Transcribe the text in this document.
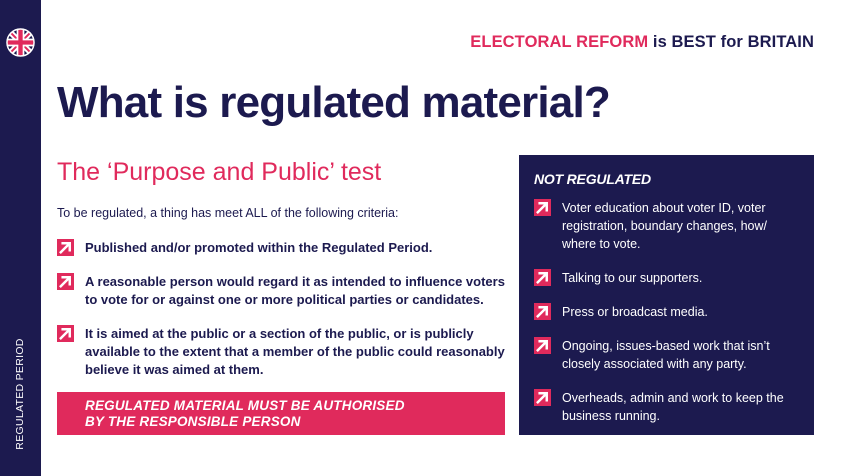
REGULATED PERIOD
ELECTORAL REFORM is BEST for BRITAIN
What is regulated material?
The ‘Purpose and Public’ test
To be regulated, a thing has meet ALL of the following criteria:
Published and/or promoted within the Regulated Period.
A reasonable person would regard it as intended to influence voters to vote for or against one or more political parties or candidates.
It is aimed at the public or a section of the public, or is publicly available to the extent that a member of the public could reasonably believe it was aimed at them.
REGULATED MATERIAL MUST BE AUTHORISED
BY THE RESPONSIBLE PERSON
NOT REGULATED
Voter education about voter ID, voter registration, boundary changes, how/ where to vote.
Talking to our supporters.
Press or broadcast media.
Ongoing, issues-based work that isn’t closely associated with any party.
Overheads, admin and work to keep the business running.
